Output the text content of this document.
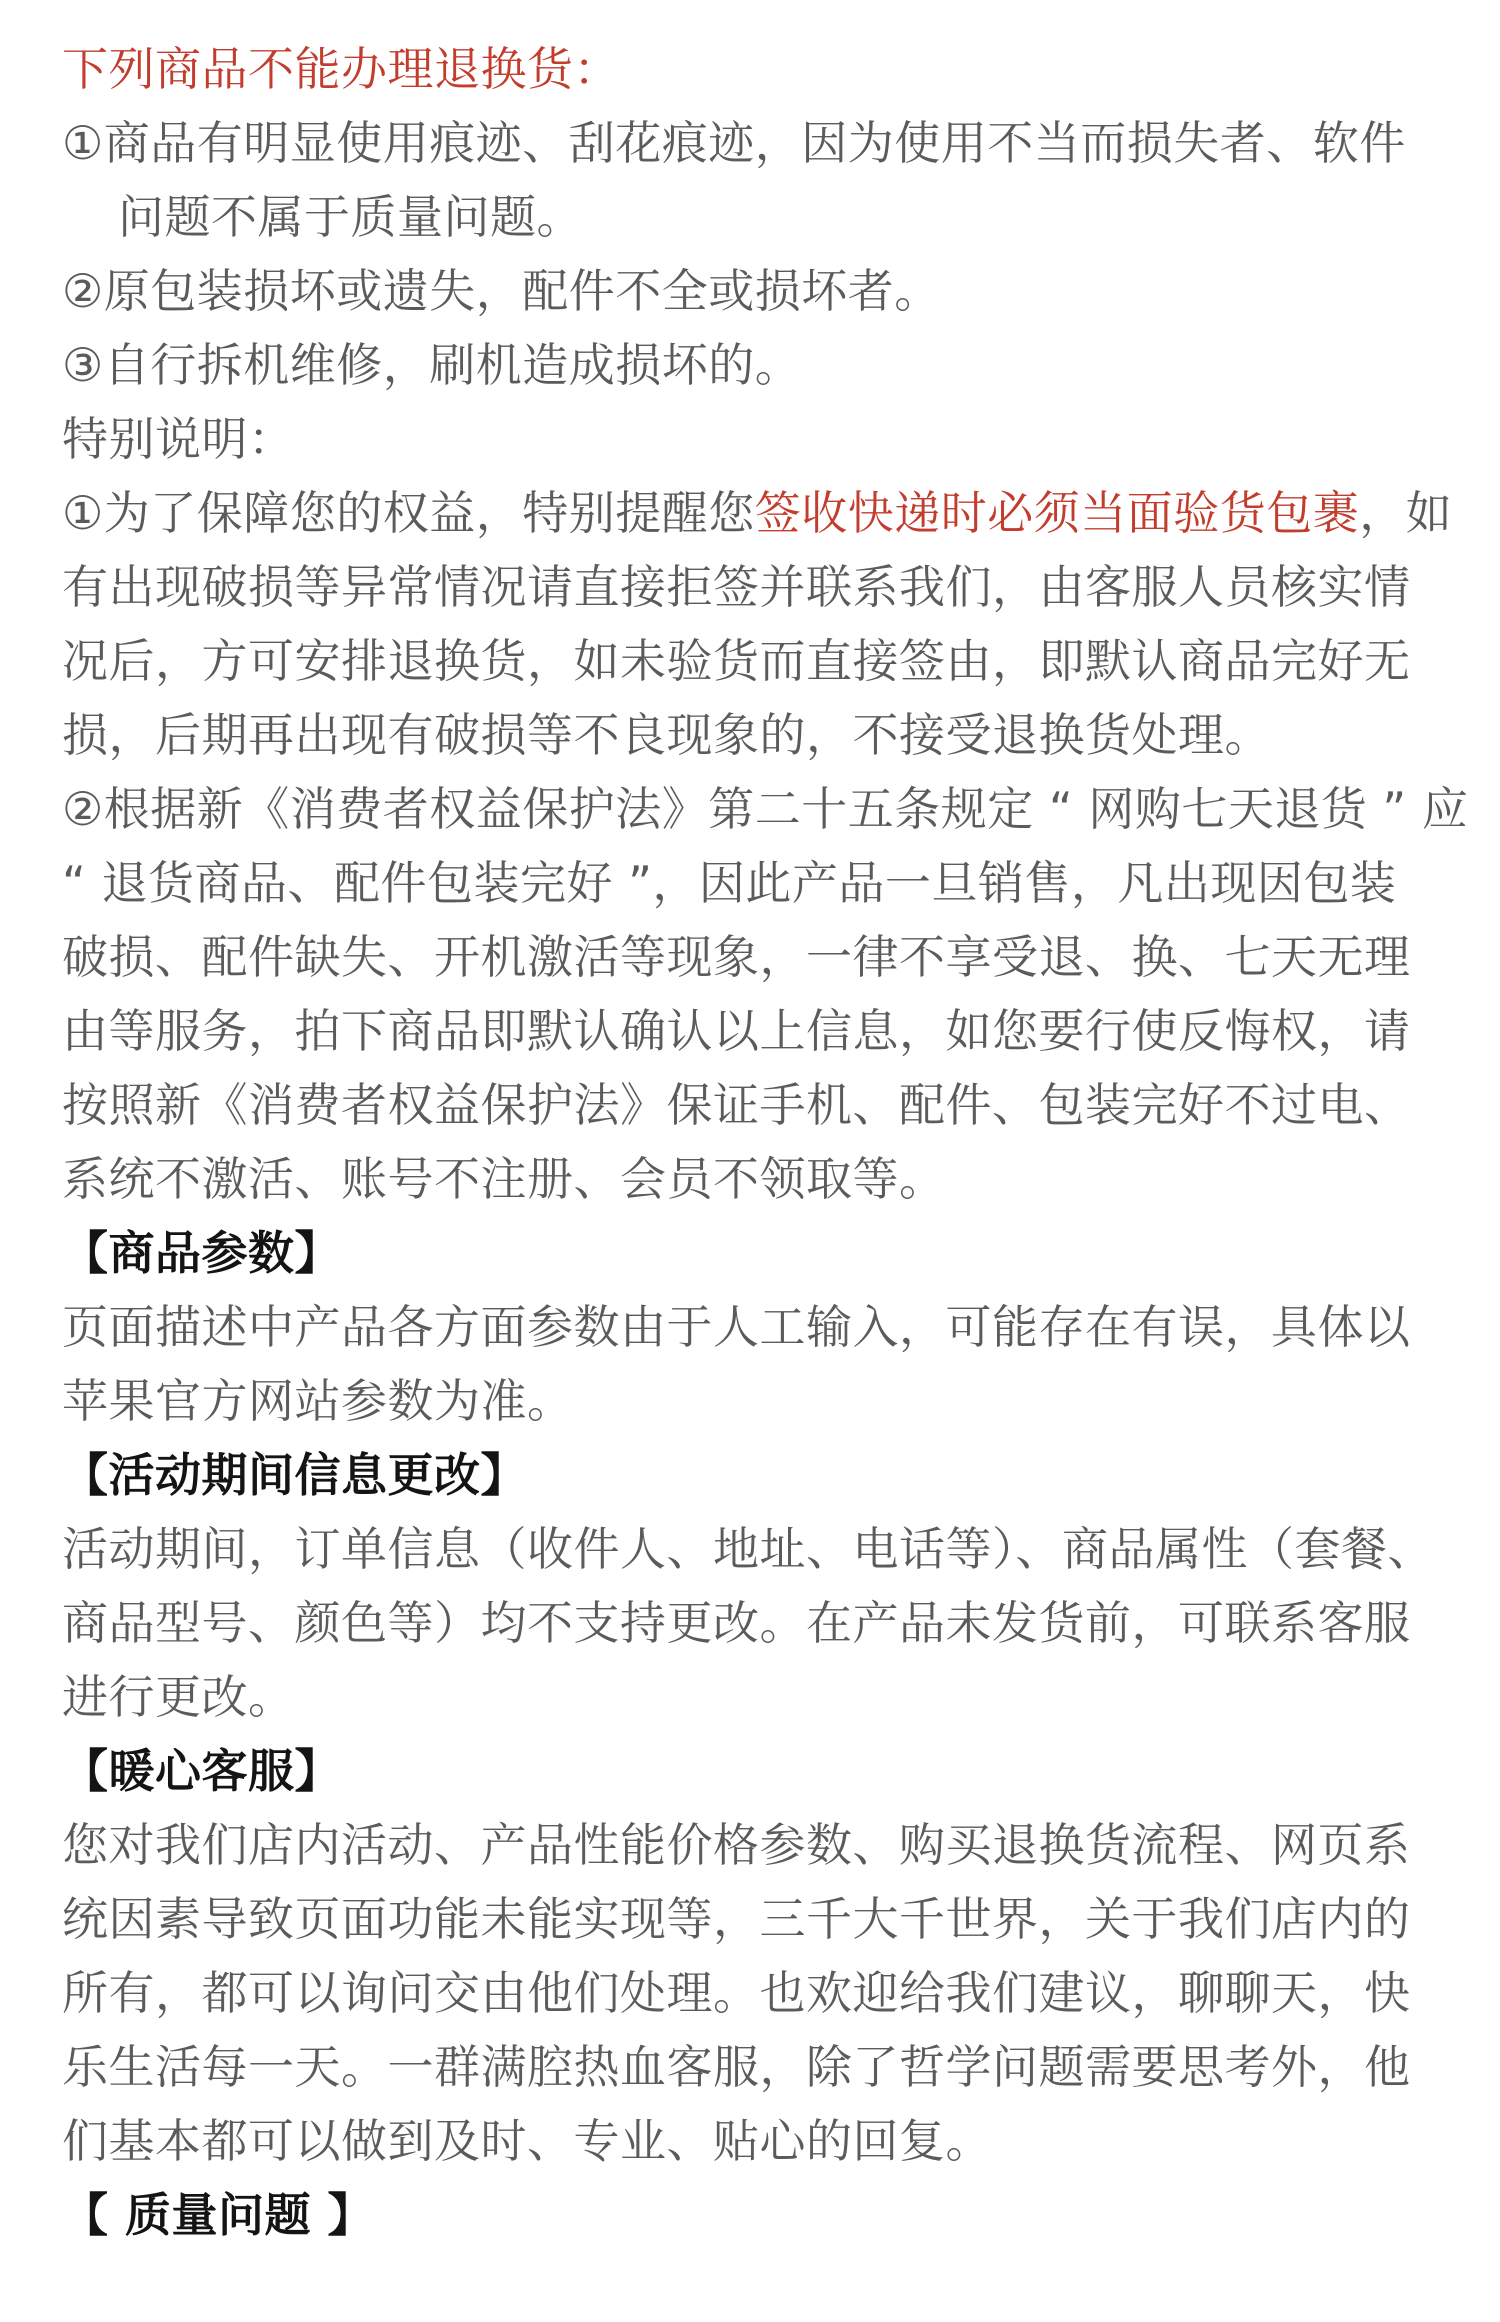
下列商品不能办理退换货：
①商品有明显使用痕迹、刮花痕迹，因为使用不当而损失者、软件
问题不属于质量问题。
②原包装损坏或遗失，配件不全或损坏者。
③自行拆机维修，刷机造成损坏的。
特别说明：
①为了保障您的权益，特别提醒您签收快递时必须当面验货包裹，如
有出现破损等异常情况请直接拒签并联系我们，由客服人员核实情
况后，方可安排退换货，如未验货而直接签由，即默认商品完好无
损，后期再出现有破损等不良现象的，不接受退换货处理。
②根据新《消费者权益保护法》第二十五条规定 “ 网购七天退货 ” 应
“ 退货商品、配件包装完好 ”，因此产品一旦销售，凡出现因包装
破损、配件缺失、开机激活等现象，一律不享受退、换、七天无理
由等服务，拍下商品即默认确认以上信息，如您要行使反悔权，请
按照新《消费者权益保护法》保证手机、配件、包装完好不过电、
系统不激活、账号不注册、会员不领取等。
【商品参数】
页面描述中产品各方面参数由于人工输入，可能存在有误，具体以
苹果官方网站参数为准。
【活动期间信息更改】
活动期间，订单信息（收件人、地址、电话等）、商品属性（套餐、
商品型号、颜色等）均不支持更改。在产品未发货前，可联系客服
进行更改。
【暖心客服】
您对我们店内活动、产品性能价格参数、购买退换货流程、网页系
统因素导致页面功能未能实现等，三千大千世界，关于我们店内的
所有，都可以询问交由他们处理。也欢迎给我们建议，聊聊天，快
乐生活每一天。一群满腔热血客服，除了哲学问题需要思考外，他
们基本都可以做到及时、专业、贴心的回复。
【 质量问题 】
